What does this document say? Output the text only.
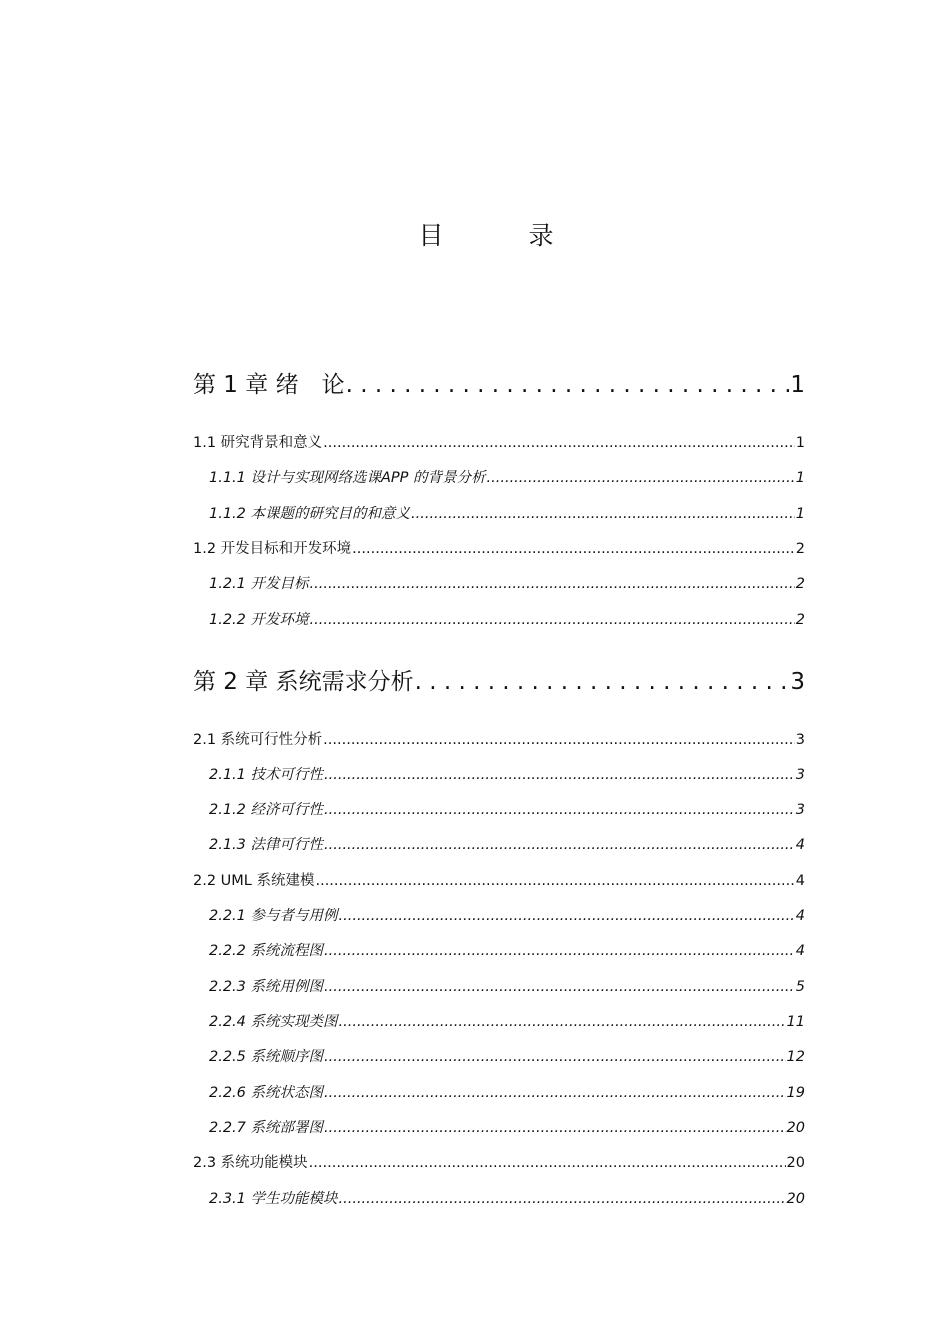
目　录
第 1 章 绪　论 . . .	1
1.1 研究背景和意义 .....	1
1.1.1 设计与实现网络选课APP 的背景分析 .....	1
1.1.2 本课题的研究目的和意义 .....	1
1.2 开发目标和开发环境 .....	2
1.2.1 开发目标 .....	2
1.2.2 开发环境 .....	2
第 2 章 系统需求分析 . . .	3
2.1 系统可行性分析 .....	3
2.1.1 技术可行性 .....	3
2.1.2 经济可行性 .....	3
2.1.3 法律可行性 .....	4
2.2 UML 系统建模 .....	4
2.2.1 参与者与用例 .....	4
2.2.2 系统流程图 .....	4
2.2.3 系统用例图 .....	5
2.2.4 系统实现类图 .....	11
2.2.5 系统顺序图 .....	12
2.2.6 系统状态图 .....	19
2.2.7 系统部署图 .....	20
2.3 系统功能模块 .....	20
2.3.1 学生功能模块 .....	20
